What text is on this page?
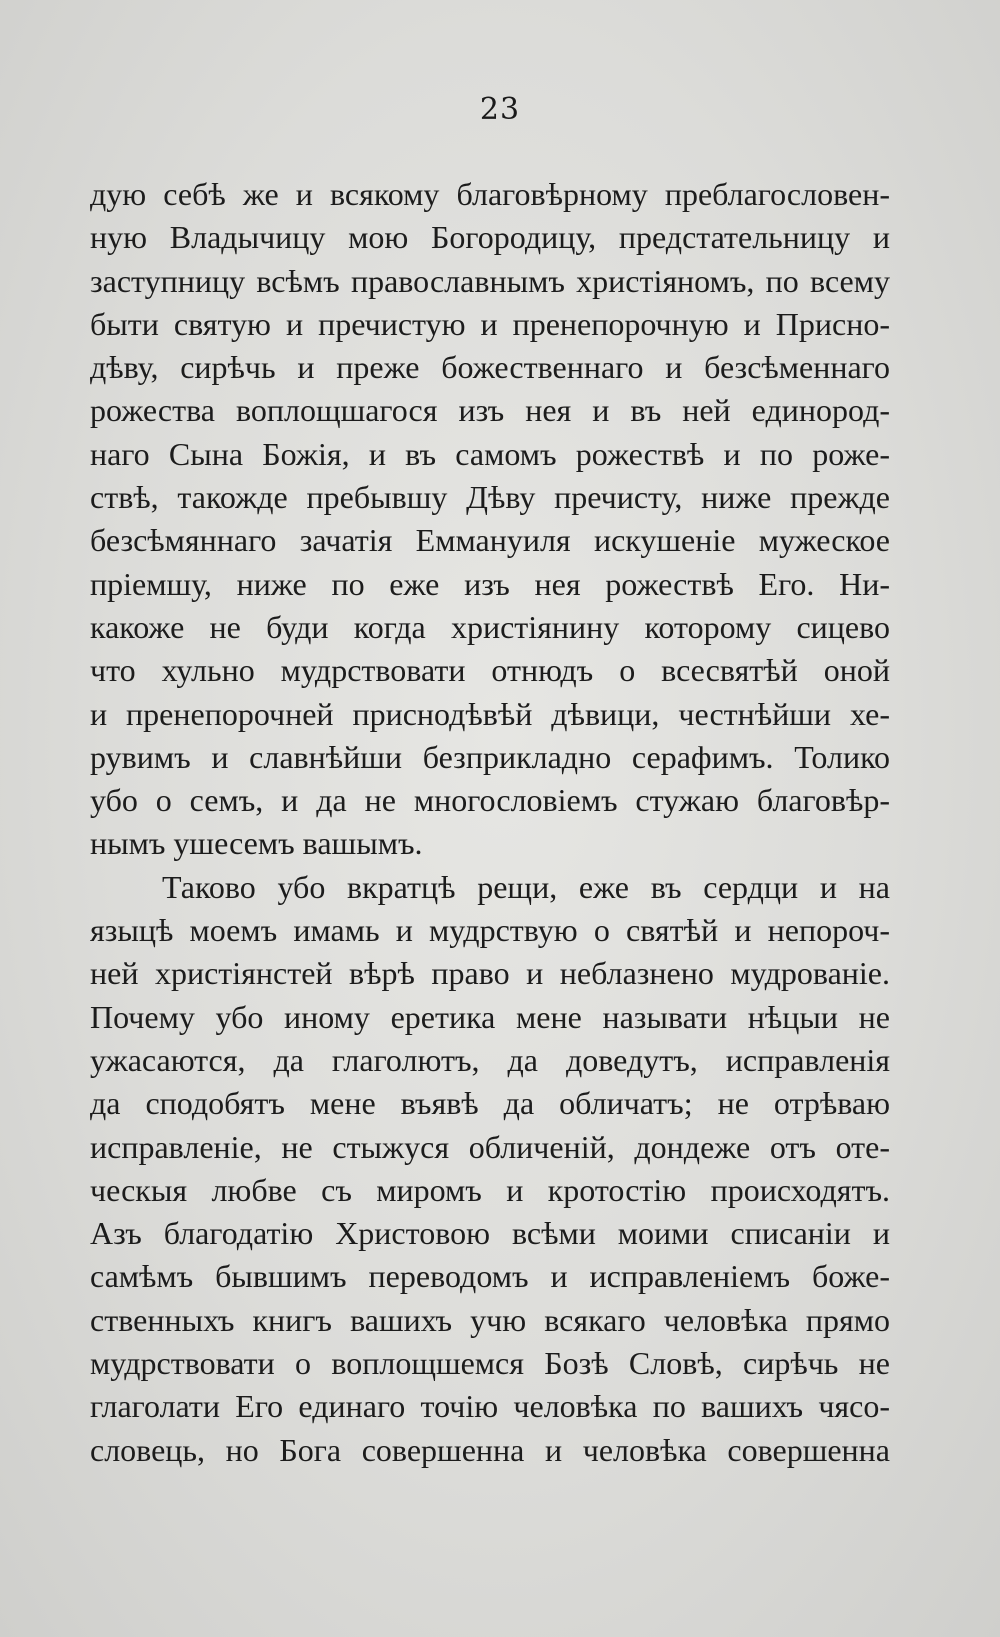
23
дую себѣ же и всякому благовѣрному преблагословен-
ную Владычицу мою Богородицу, предстательницу и
заступницу всѣмъ православнымъ христіяномъ, по всему
быти святую и пречистую и пренепорочную и Присно-
дѣву, сирѣчь и преже божественнаго и безсѣменнаго
рожества воплощшагося изъ нея и въ ней единород-
наго Сына Божія, и въ самомъ рожествѣ и по роже-
ствѣ, такожде пребывшу Дѣву пречисту, ниже прежде
безсѣмяннаго зачатія Еммануиля искушеніе мужеское
пріемшу, ниже по еже изъ нея рожествѣ Его. Ни-
какоже не буди когда христіянину которому сицево
что хульно мудрствовати отнюдъ о всесвятѣй оной
и пренепорочней приснодѣвѣй дѣвици, честнѣйши хе-
рувимъ и славнѣйши безприкладно серафимъ. Толико
убо о семъ, и да не многословіемъ стужаю благовѣр-
нымъ ушесемъ вашымъ.
Таково убо вкратцѣ рещи, еже въ сердци и на
языцѣ моемъ имамь и мудрствую о святѣй и непороч-
ней христіянстей вѣрѣ право и неблазнено мудрованіе.
Почему убо иному еретика мене называти нѣцыи не
ужасаются, да глаголютъ, да доведутъ, исправленія
да сподобятъ мене въявѣ да обличатъ; не отрѣваю
исправленіе, не стыжуся обличеній, дондеже отъ оте-
ческыя любве съ миромъ и кротостію происходятъ.
Азъ благодатію Христовою всѣми моими списаніи и
самѣмъ бывшимъ переводомъ и исправленіемъ боже-
ственныхъ книгъ вашихъ учю всякаго человѣка прямо
мудрствовати о воплощшемся Бозѣ Словѣ, сирѣчь не
глаголати Его единаго точію человѣка по вашихъ чясо-
словець, но Бога совершенна и человѣка совершенна
